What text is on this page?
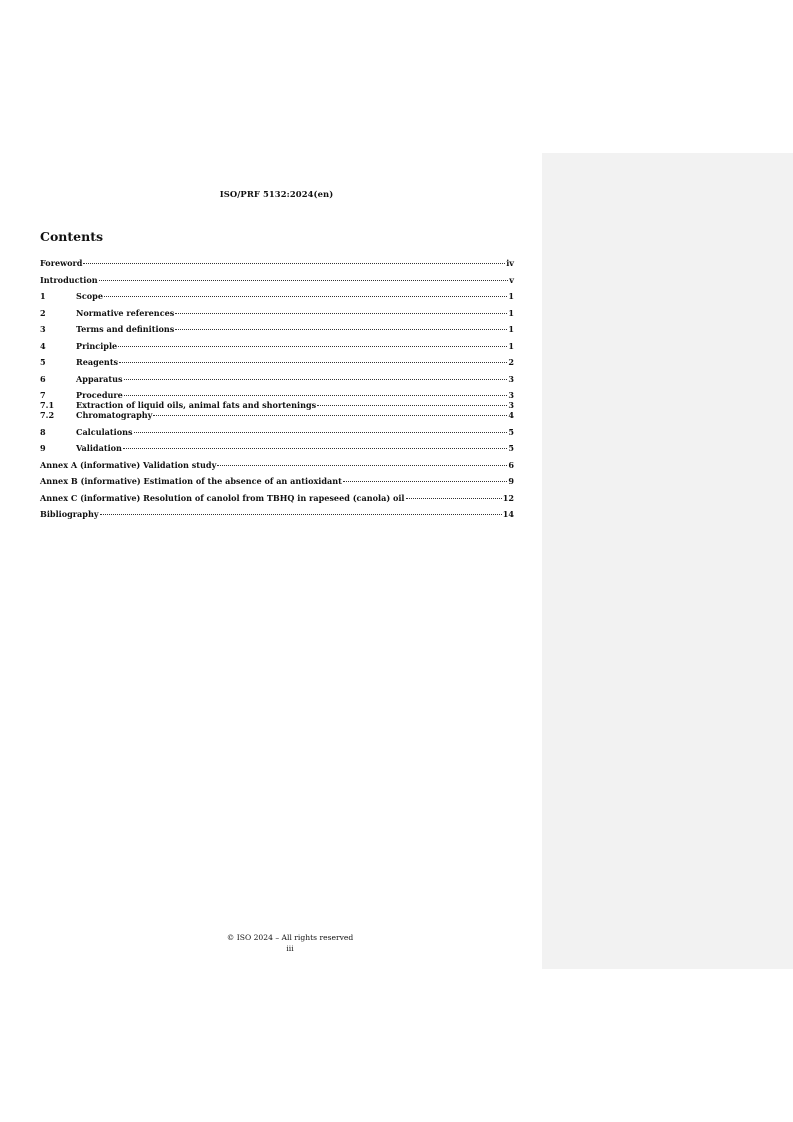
ISO/PRF 5132:2024(en)
Contents
Foreword	iv
Introduction	v
1	Scope	1
2	Normative references	1
3	Terms and definitions	1
4	Principle	1
5	Reagents	2
6	Apparatus	3
7	Procedure	3
7.1	Extraction of liquid oils, animal fats and shortenings	3
7.2	Chromatography	4
8	Calculations	5
9	Validation	5
Annex A (informative) Validation study	6
Annex B (informative) Estimation of the absence of an antioxidant	9
Annex C (informative) Resolution of canolol from TBHQ in rapeseed (canola) oil	12
Bibliography	14
© ISO 2024 – All rights reserved
iii
